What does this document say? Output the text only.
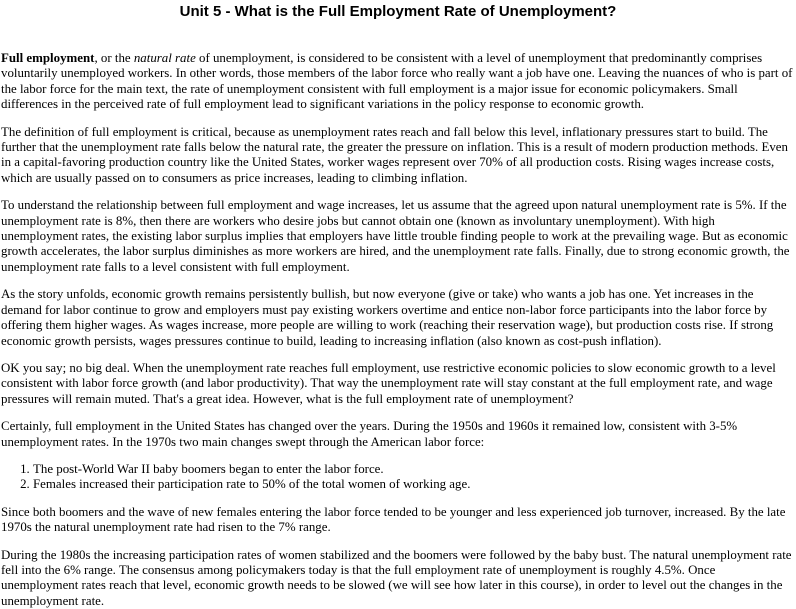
Unit 5 - What is the Full Employment Rate of Unemployment?

Full employment, or the natural rate of unemployment, is considered to be consistent with a level of unemployment that predominantly comprises voluntarily unemployed workers. In other words, those members of the labor force who really want a job have one. Leaving the nuances of who is part of the labor force for the main text, the rate of unemployment consistent with full employment is a major issue for economic policymakers. Small differences in the perceived rate of full employment lead to significant variations in the policy response to economic growth.

The definition of full employment is critical, because as unemployment rates reach and fall below this level, inflationary pressures start to build. The further that the unemployment rate falls below the natural rate, the greater the pressure on inflation. This is a result of modern production methods. Even in a capital-favoring production country like the United States, worker wages represent over 70% of all production costs. Rising wages increase costs, which are usually passed on to consumers as price increases, leading to climbing inflation.

To understand the relationship between full employment and wage increases, let us assume that the agreed upon natural unemployment rate is 5%. If the unemployment rate is 8%, then there are workers who desire jobs but cannot obtain one (known as involuntary unemployment). With high unemployment rates, the existing labor surplus implies that employers have little trouble finding people to work at the prevailing wage. But as economic growth accelerates, the labor surplus diminishes as more workers are hired, and the unemployment rate falls. Finally, due to strong economic growth, the unemployment rate falls to a level consistent with full employment.

As the story unfolds, economic growth remains persistently bullish, but now everyone (give or take) who wants a job has one. Yet increases in the demand for labor continue to grow and employers must pay existing workers overtime and entice non-labor force participants into the labor force by offering them higher wages. As wages increase, more people are willing to work (reaching their reservation wage), but production costs rise. If strong economic growth persists, wages pressures continue to build, leading to increasing inflation (also known as cost-push inflation).

OK you say; no big deal. When the unemployment rate reaches full employment, use restrictive economic policies to slow economic growth to a level consistent with labor force growth (and labor productivity). That way the unemployment rate will stay constant at the full employment rate, and wage pressures will remain muted. That's a great idea. However, what is the full employment rate of unemployment?

Certainly, full employment in the United States has changed over the years. During the 1950s and 1960s it remained low, consistent with 3-5% unemployment rates. In the 1970s two main changes swept through the American labor force:

1. The post-World War II baby boomers began to enter the labor force.
2. Females increased their participation rate to 50% of the total women of working age.

Since both boomers and the wave of new females entering the labor force tended to be younger and less experienced job turnover, increased. By the late 1970s the natural unemployment rate had risen to the 7% range.

During the 1980s the increasing participation rates of women stabilized and the boomers were followed by the baby bust. The natural unemployment rate fell into the 6% range. The consensus among policymakers today is that the full employment rate of unemployment is roughly 4.5%. Once unemployment rates reach that level, economic growth needs to be slowed (we will see how later in this course), in order to level out the changes in the unemployment rate.
